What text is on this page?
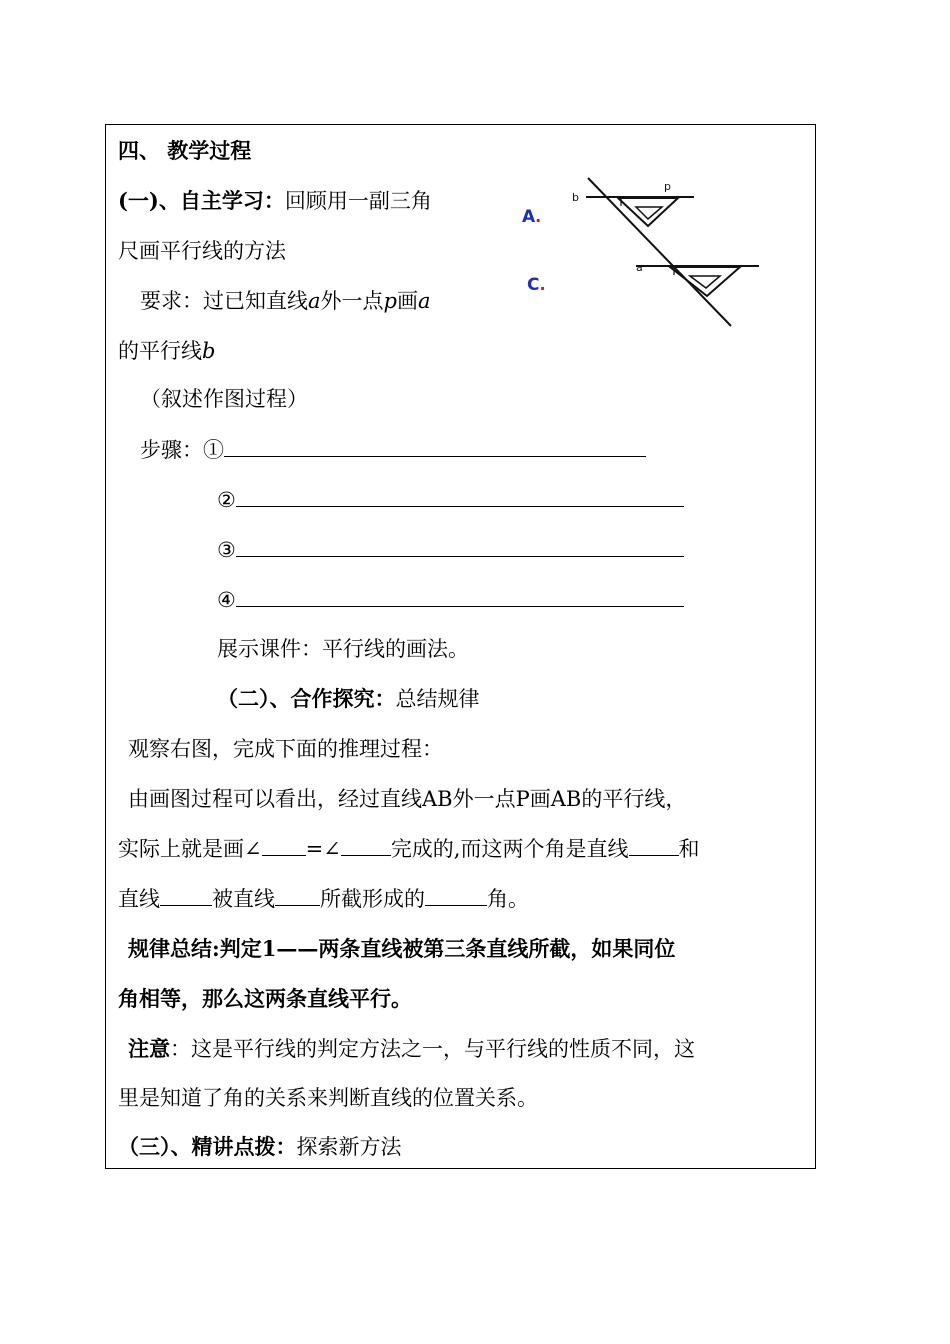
四、 教学过程
(一)、自主学习：回顾用一副三角
尺画平行线的方法
要求：过已知直线a外一点p画a
的平行线b
（叙述作图过程）
步骤：①
②
③
④
展示课件：平行线的画法。
A.
C.
b
p
a
（二）、合作探究：总结规律
观察右图，完成下面的推理过程：
由画图过程可以看出，经过直线AB外一点P画AB的平行线，
实际上就是画∠ =∠ 完成的,而这两个角是直线 和
直线 被直线 所截形成的	角。
规律总结:判定1——两条直线被第三条直线所截，如果同位
角相等，那么这两条直线平行。
注意：这是平行线的判定方法之一，与平行线的性质不同，这
里是知道了角的关系来判断直线的位置关系。
（三）、精讲点拨：探索新方法
